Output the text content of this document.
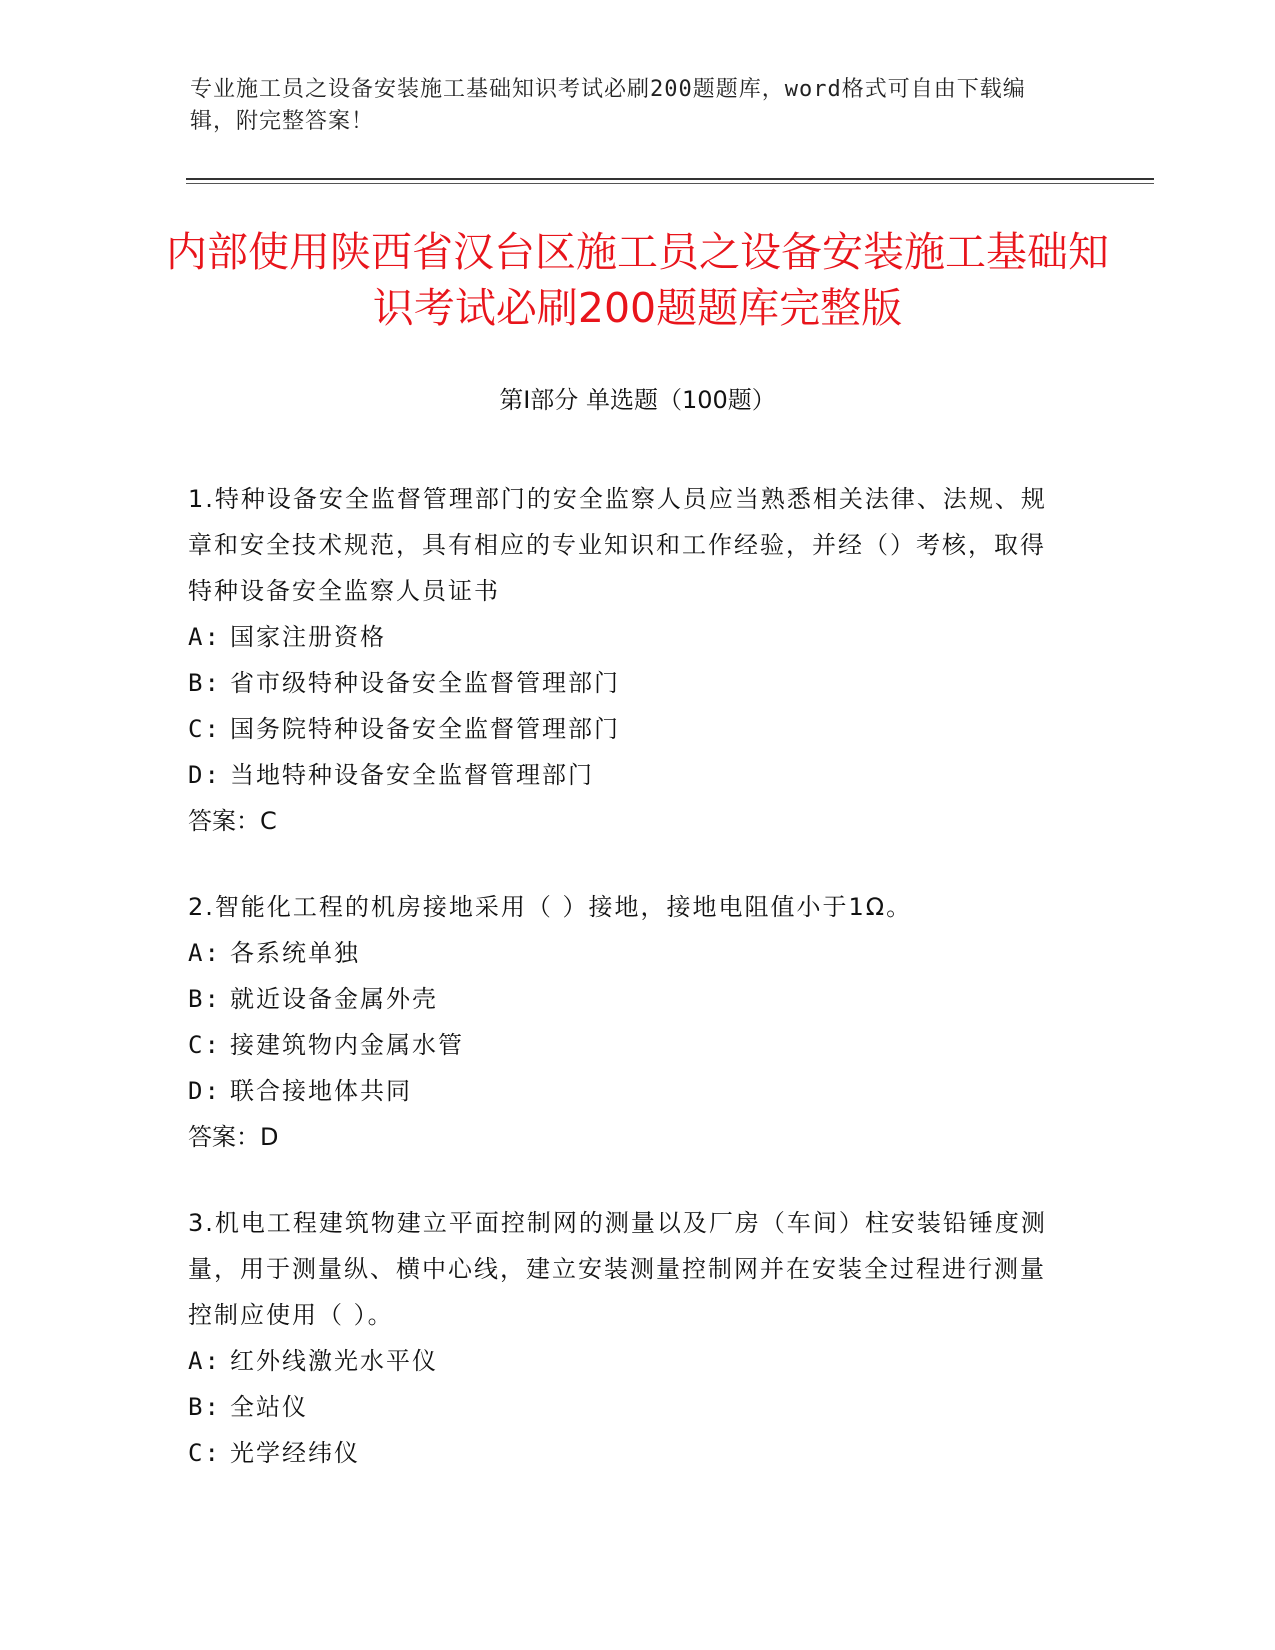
专业施工员之设备安装施工基础知识考试必刷200题题库，word格式可自由下载编辑，附完整答案！
内部使用陕西省汉台区施工员之设备安装施工基础知识考试必刷200题题库完整版
第Ⅰ部分 单选题（100题）
1.特种设备安全监督管理部门的安全监察人员应当熟悉相关法律、法规、规章和安全技术规范，具有相应的专业知识和工作经验，并经（）考核，取得特种设备安全监察人员证书
A: 国家注册资格
B: 省市级特种设备安全监督管理部门
C: 国务院特种设备安全监督管理部门
D: 当地特种设备安全监督管理部门
答案：C
2.智能化工程的机房接地采用（ ）接地，接地电阻值小于1Ω。
A: 各系统单独
B: 就近设备金属外壳
C: 接建筑物内金属水管
D: 联合接地体共同
答案：D
3.机电工程建筑物建立平面控制网的测量以及厂房（车间）柱安装铅锤度测量，用于测量纵、横中心线，建立安装测量控制网并在安装全过程进行测量控制应使用（ ）。
A: 红外线激光水平仪
B: 全站仪
C: 光学经纬仪
